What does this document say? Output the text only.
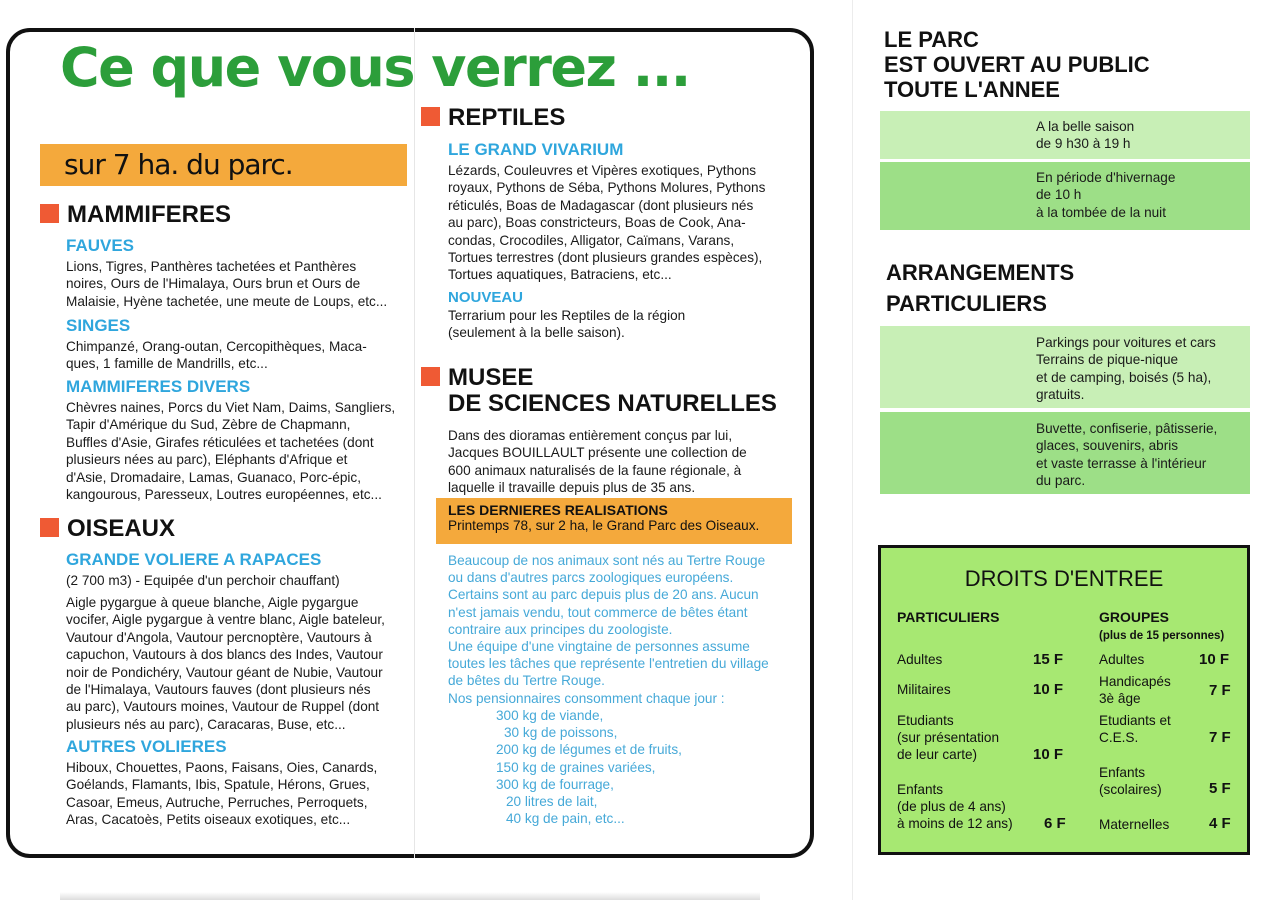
Ce que vous verrez ...
sur 7 ha. du parc.
MAMMIFERES
FAUVES
Lions, Tigres, Panthères tachetées et Panthères
noires, Ours de l'Himalaya, Ours brun et Ours de
Malaisie, Hyène tachetée, une meute de Loups, etc...
SINGES
Chimpanzé, Orang-outan, Cercopithèques, Maca-
ques, 1 famille de Mandrills, etc...
MAMMIFERES DIVERS
Chèvres naines, Porcs du Viet Nam, Daims, Sangliers,
Tapir d'Amérique du Sud, Zèbre de Chapmann,
Buffles d'Asie, Girafes réticulées et tachetées (dont
plusieurs nées au parc), Eléphants d'Afrique et
d'Asie, Dromadaire, Lamas, Guanaco, Porc-épic,
kangourous, Paresseux, Loutres européennes, etc...
OISEAUX
GRANDE VOLIERE A RAPACES
(2 700 m3) - Equipée d'un perchoir chauffant)
Aigle pygargue à queue blanche, Aigle pygargue
vocifer, Aigle pygargue à ventre blanc, Aigle bateleur,
Vautour d'Angola, Vautour percnoptère, Vautours à
capuchon, Vautours à dos blancs des Indes, Vautour
noir de Pondichéry, Vautour géant de Nubie, Vautour
de l'Himalaya, Vautours fauves (dont plusieurs nés
au parc), Vautours moines, Vautour de Ruppel (dont
plusieurs nés au parc), Caracaras, Buse, etc...
AUTRES VOLIERES
Hiboux, Chouettes, Paons, Faisans, Oies, Canards,
Goélands, Flamants, Ibis, Spatule, Hérons, Grues,
Casoar, Emeus, Autruche, Perruches, Perroquets,
Aras, Cacatoès, Petits oiseaux exotiques, etc...
REPTILES
LE GRAND VIVARIUM
Lézards, Couleuvres et Vipères exotiques, Pythons
royaux, Pythons de Séba, Pythons Molures, Pythons
réticulés, Boas de Madagascar (dont plusieurs nés
au parc), Boas constricteurs, Boas de Cook, Ana-
condas, Crocodiles, Alligator, Caïmans, Varans,
Tortues terrestres (dont plusieurs grandes espèces),
Tortues aquatiques, Batraciens, etc...
NOUVEAU
Terrarium pour les Reptiles de la région
(seulement à la belle saison).
MUSEE
DE SCIENCES NATURELLES
Dans des dioramas entièrement conçus par lui,
Jacques BOUILLAULT présente une collection de
600 animaux naturalisés de la faune régionale, à
laquelle il travaille depuis plus de 35 ans.
LES DERNIERES REALISATIONS
Printemps 78, sur 2 ha, le Grand Parc des Oiseaux.
Beaucoup de nos animaux sont nés au Tertre Rouge
ou dans d'autres parcs zoologiques européens.
Certains sont au parc depuis plus de 20 ans. Aucun
n'est jamais vendu, tout commerce de bêtes étant
contraire aux principes du zoologiste.
Une équipe d'une vingtaine de personnes assume
toutes les tâches que représente l'entretien du village
de bêtes du Tertre Rouge.
Nos pensionnaires consomment chaque jour :
300 kg de viande,
30 kg de poissons,
200 kg de légumes et de fruits,
150 kg de graines variées,
300 kg de fourrage,
20 litres de lait,
40 kg de pain, etc...
LE PARC
EST OUVERT AU PUBLIC
TOUTE L'ANNEE
A la belle saison
de 9 h30 à 19 h
En période d'hivernage
de 10 h
à la tombée de la nuit
ARRANGEMENTS
PARTICULIERS
Parkings pour voitures et cars
Terrains de pique-nique
et de camping, boisés (5 ha),
gratuits.
Buvette, confiserie, pâtisserie,
glaces, souvenirs, abris
et vaste terrasse à l'intérieur
du parc.
DROITS D'ENTREE
PARTICULIERS	GROUPES
(plus de 15 personnes)
Adultes	15 F
Militaires	10 F
Etudiants
(sur présentation
de leur carte)	10 F
Enfants
(de plus de 4 ans)
à moins de 12 ans) 6 F
Adultes	10 F
Handicapés
3è âge	7 F
Etudiants et
C.E.S.	7 F
Enfants
(scolaires)	5 F
Maternelles	4 F
